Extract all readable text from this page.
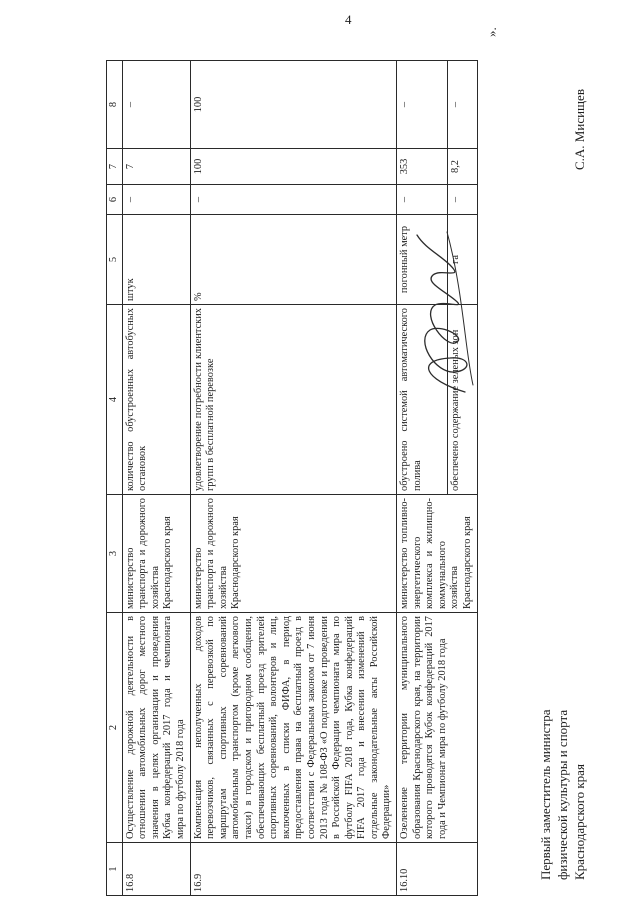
4
1	2	3	4	5	6	7	8
16.8	Осуществление дорожной деятельности в отношении автомобильных дорог местного значения в целях организации и проведения Кубка конфедераций 2017 года и чемпионата мира по футболу 2018 года	министерство транспорта и дорожного хозяйства Краснодарского края	количество обустроенных автобусных остановок	штук	–	7	–
16.9	Компенсация неполученных доходов перевозчиков, связанных с перевозкой по маршрутам спортивных соревнований автомобильным транспортом (кроме легкового такси) в городском и пригородном сообщении, обеспечивающих бесплатный проезд зрителей спортивных соревнований, волонтеров и лиц, включенных в списки ФИФА, в период предоставления права на бесплатный проезд в соответствии с Федеральным законом от 7 июня 2013 года № 108-ФЗ «О подготовке и проведении в Российской Федерации чемпионата мира по футболу FIFA 2018 года, Кубка конфедераций FIFA 2017 года и внесении изменений в отдельные законодательные акты Российской Федерации»	министерство транспорта и дорожного хозяйства Краснодарского края	удовлетворение потребности клиентских групп в бесплатной перевозке	%	–	100	100
16.10	Озеленение территории муниципального образования Краснодарского края, на территории которого проводятся Кубок конфедераций 2017 года и Чемпионат мира по футболу 2018 года	министерство топливно-энергетического комплекса и жилищно-коммунального хозяйства Краснодарского края	обустроено системой автоматического полива	погонный метр	–	353	–
			обеспечено содержание зеленых зон	га	–	8,2	–
».
Первый заместитель министра физической культуры и спорта Краснодарского края
С.А. Мисищев
